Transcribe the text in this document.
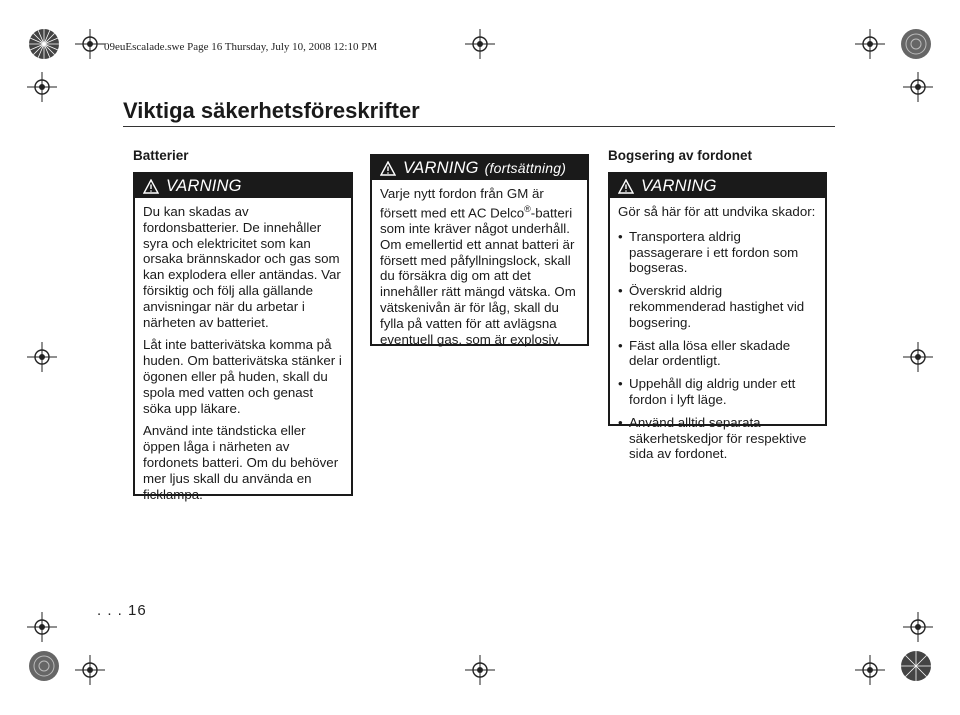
09euEscalade.swe Page 16 Thursday, July 10, 2008 12:10 PM
Viktiga säkerhetsföreskrifter
Batterier
VARNING

Du kan skadas av fordonsbatterier. De innehåller syra och elektricitet som kan orsaka brännskador och gas som kan explodera eller antändas. Var försiktig och följ alla gällande anvisningar när du arbetar i närheten av batteriet.

Låt inte batterivätska komma på huden. Om batterivätska stänker i ögonen eller på huden, skall du spola med vatten och genast söka upp läkare.

Använd inte tändsticka eller öppen låga i närheten av fordonets batteri. Om du behöver mer ljus skall du använda en ficklampa.

VARNING (fortsättning)

Varje nytt fordon från GM är försett med ett AC Delco®-batteri som inte kräver något underhåll. Om emellertid ett annat batteri är försett med påfyllningslock, skall du försäkra dig om att det innehåller rätt mängd vätska. Om vätskenivån är för låg, skall du fylla på vatten för att avlägsna eventuell gas, som är explosiv.

Bogsering av fordonet
VARNING

Gör så här för att undvika skador:

• Transportera aldrig passagerare i ett fordon som bogseras.
• Överskrid aldrig rekommenderad hastighet vid bogsering.
• Fäst alla lösa eller skadade delar ordentligt.
• Uppehåll dig aldrig under ett fordon i lyft läge.
• Använd alltid separata säkerhetskedjor för respektive sida av fordonet.
. . . 16
